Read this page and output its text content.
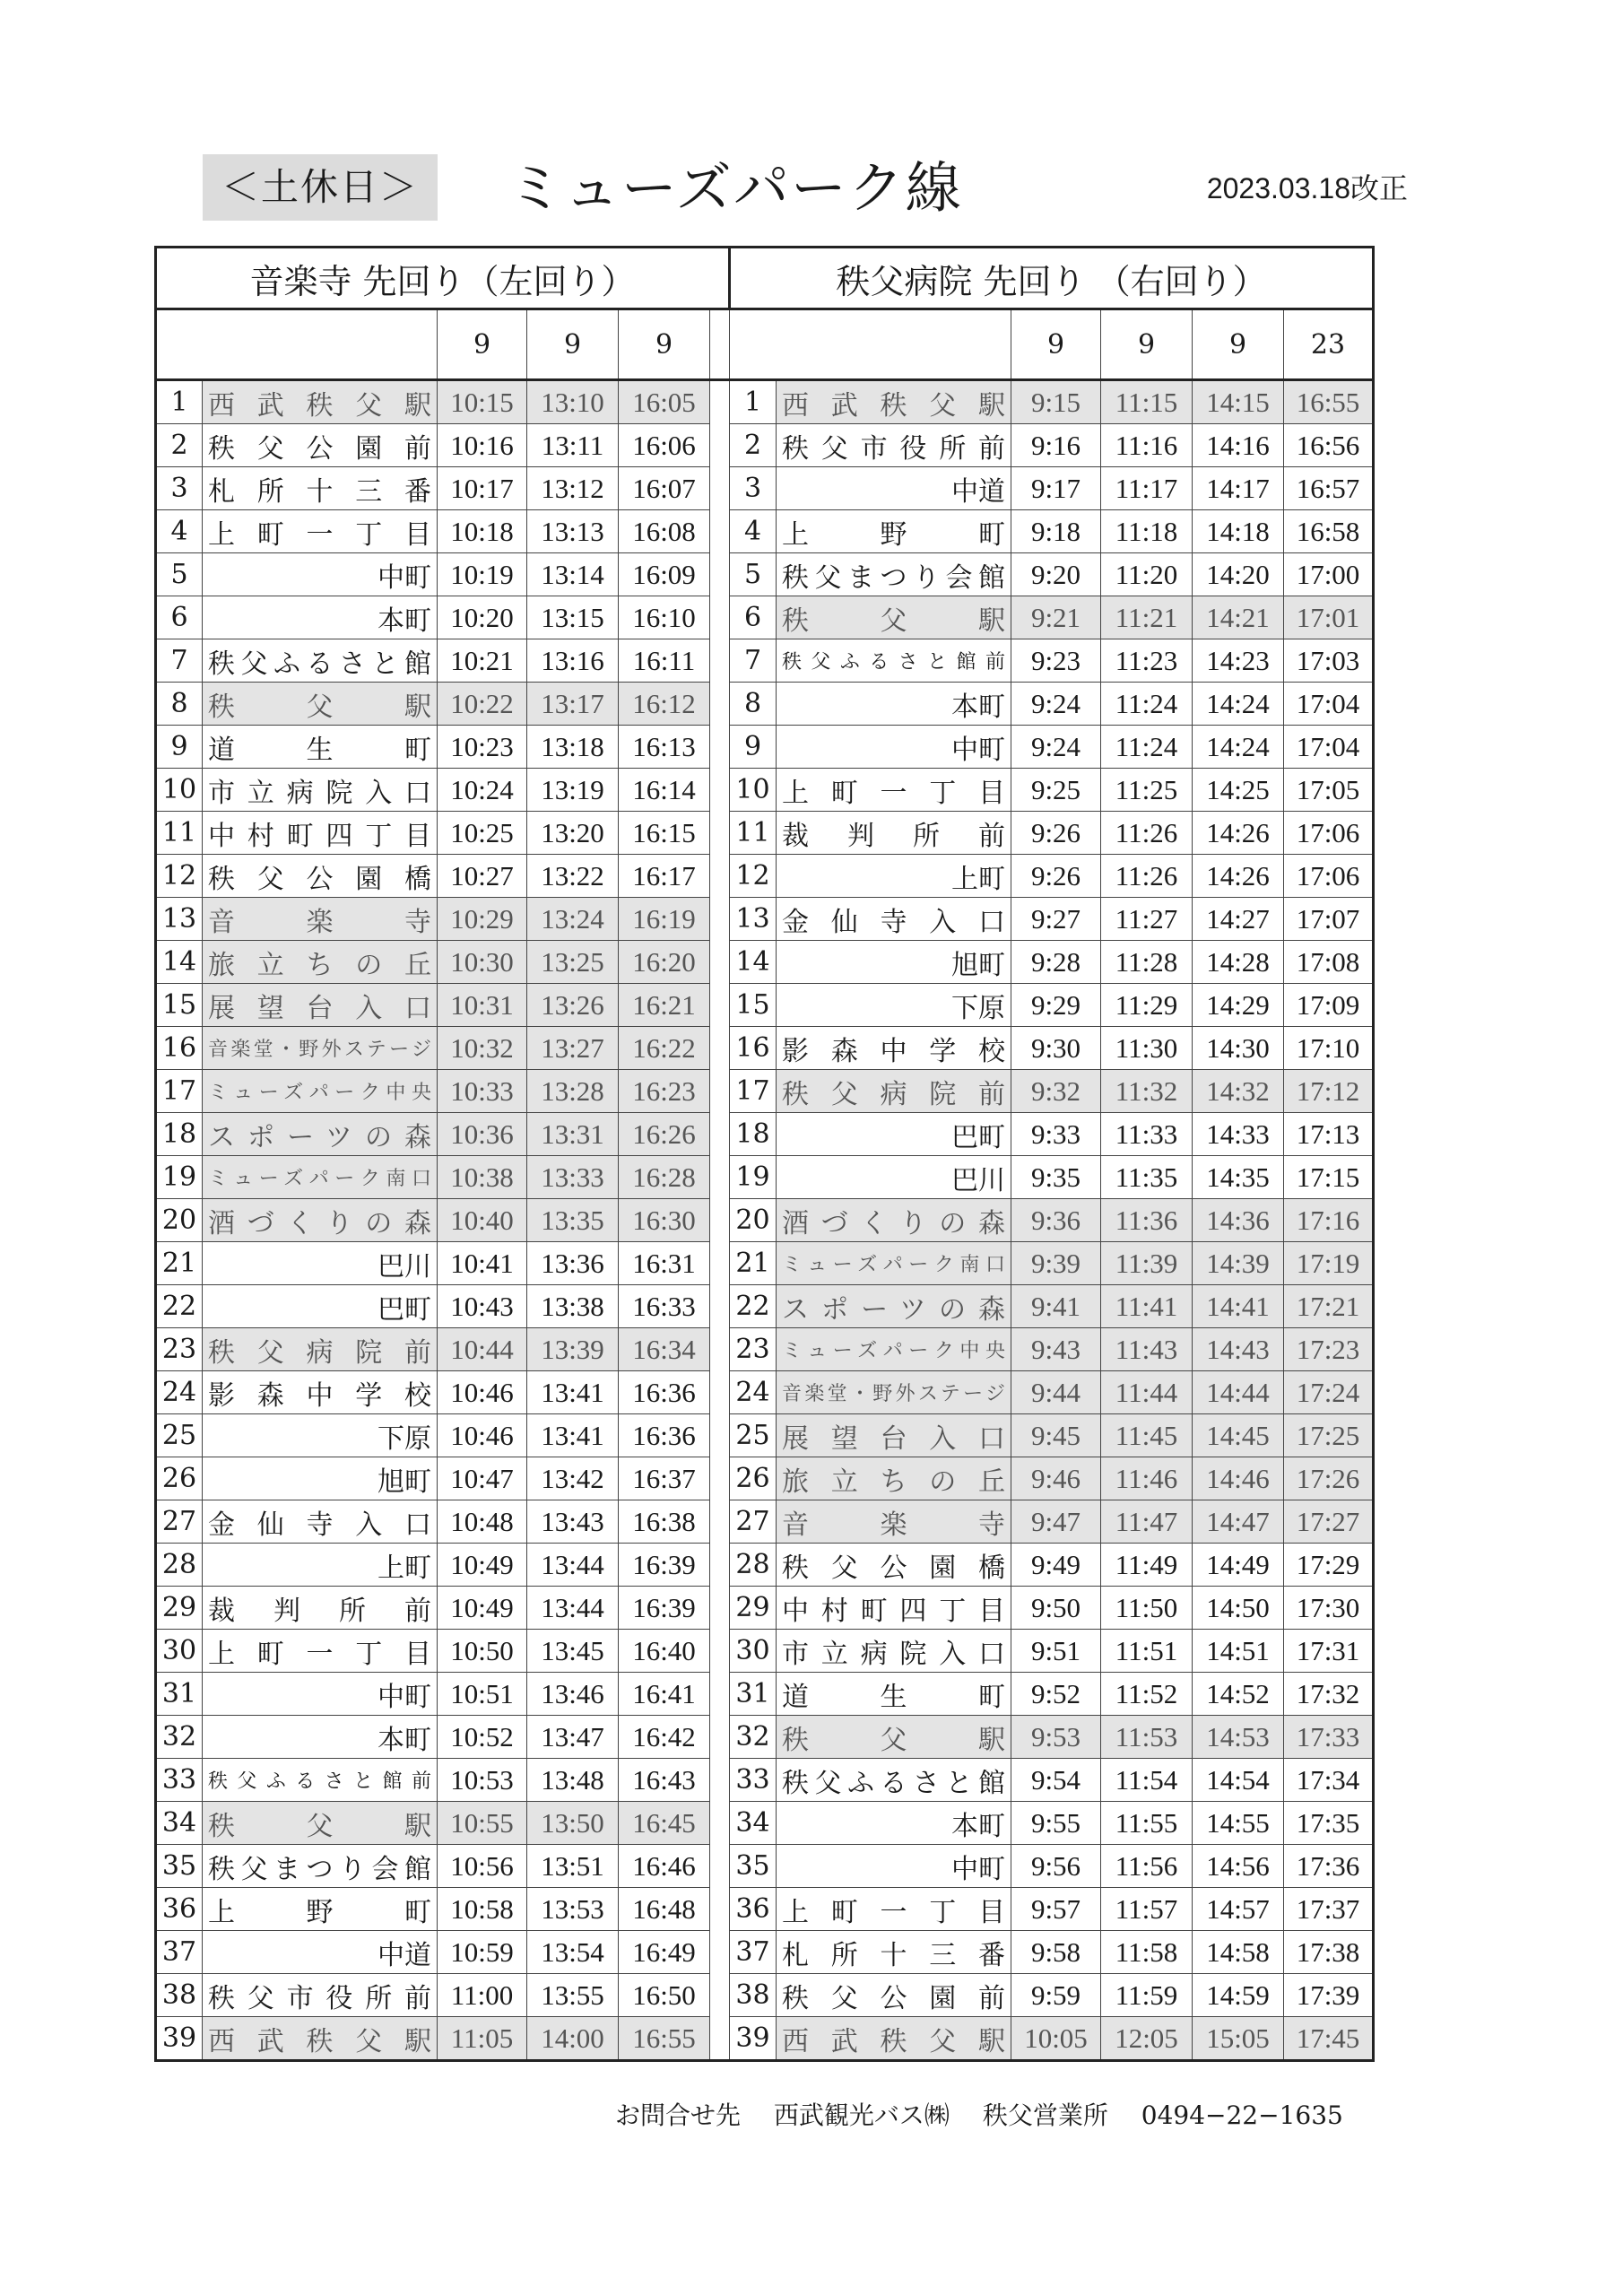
＜土休日＞	ミューズパーク線	2023.03.18改正
音楽寺 先回り（左回り）						秩父病院 先回り （右回り）					
		9	9	9				9	9	9	23
1	西武秩父駅	10:15	13:10	16:05		1	西武秩父駅	9:15	11:15	14:15	16:55
2	秩父公園前	10:16	13:11	16:06		2	秩父市役所前	9:16	11:16	14:16	16:56
3	札所十三番	10:17	13:12	16:07		3	中道	9:17	11:17	14:17	16:57
4	上町一丁目	10:18	13:13	16:08		4	上野町	9:18	11:18	14:18	16:58
5	中町	10:19	13:14	16:09		5	秩父まつり会館	9:20	11:20	14:20	17:00
6	本町	10:20	13:15	16:10		6	秩父駅	9:21	11:21	14:21	17:01
7	秩父ふるさと館	10:21	13:16	16:11		7	秩父ふるさと館前	9:23	11:23	14:23	17:03
8	秩父駅	10:22	13:17	16:12		8	本町	9:24	11:24	14:24	17:04
9	道生町	10:23	13:18	16:13		9	中町	9:24	11:24	14:24	17:04
10	市立病院入口	10:24	13:19	16:14		10	上町一丁目	9:25	11:25	14:25	17:05
11	中村町四丁目	10:25	13:20	16:15		11	裁判所前	9:26	11:26	14:26	17:06
12	秩父公園橋	10:27	13:22	16:17		12	上町	9:26	11:26	14:26	17:06
13	音楽寺	10:29	13:24	16:19		13	金仙寺入口	9:27	11:27	14:27	17:07
14	旅立ちの丘	10:30	13:25	16:20		14	旭町	9:28	11:28	14:28	17:08
15	展望台入口	10:31	13:26	16:21		15	下原	9:29	11:29	14:29	17:09
16	音楽堂・野外ステージ	10:32	13:27	16:22		16	影森中学校	9:30	11:30	14:30	17:10
17	ミューズパーク中央	10:33	13:28	16:23		17	秩父病院前	9:32	11:32	14:32	17:12
18	スポーツの森	10:36	13:31	16:26		18	巴町	9:33	11:33	14:33	17:13
19	ミューズパーク南口	10:38	13:33	16:28		19	巴川	9:35	11:35	14:35	17:15
20	酒づくりの森	10:40	13:35	16:30		20	酒づくりの森	9:36	11:36	14:36	17:16
21	巴川	10:41	13:36	16:31		21	ミューズパーク南口	9:39	11:39	14:39	17:19
22	巴町	10:43	13:38	16:33		22	スポーツの森	9:41	11:41	14:41	17:21
23	秩父病院前	10:44	13:39	16:34		23	ミューズパーク中央	9:43	11:43	14:43	17:23
24	影森中学校	10:46	13:41	16:36		24	音楽堂・野外ステージ	9:44	11:44	14:44	17:24
25	下原	10:46	13:41	16:36		25	展望台入口	9:45	11:45	14:45	17:25
26	旭町	10:47	13:42	16:37		26	旅立ちの丘	9:46	11:46	14:46	17:26
27	金仙寺入口	10:48	13:43	16:38		27	音楽寺	9:47	11:47	14:47	17:27
28	上町	10:49	13:44	16:39		28	秩父公園橋	9:49	11:49	14:49	17:29
29	裁判所前	10:49	13:44	16:39		29	中村町四丁目	9:50	11:50	14:50	17:30
30	上町一丁目	10:50	13:45	16:40		30	市立病院入口	9:51	11:51	14:51	17:31
31	中町	10:51	13:46	16:41		31	道生町	9:52	11:52	14:52	17:32
32	本町	10:52	13:47	16:42		32	秩父駅	9:53	11:53	14:53	17:33
33	秩父ふるさと館前	10:53	13:48	16:43		33	秩父ふるさと館	9:54	11:54	14:54	17:34
34	秩父駅	10:55	13:50	16:45		34	本町	9:55	11:55	14:55	17:35
35	秩父まつり会館	10:56	13:51	16:46		35	中町	9:56	11:56	14:56	17:36
36	上野町	10:58	13:53	16:48		36	上町一丁目	9:57	11:57	14:57	17:37
37	中道	10:59	13:54	16:49		37	札所十三番	9:58	11:58	14:58	17:38
38	秩父市役所前	11:00	13:55	16:50		38	秩父公園前	9:59	11:59	14:59	17:39
39	西武秩父駅	11:05	14:00	16:55		39	西武秩父駅	10:05	12:05	15:05	17:45
お問合せ先 西武観光バス㈱ 秩父営業所 0494−22−1635
